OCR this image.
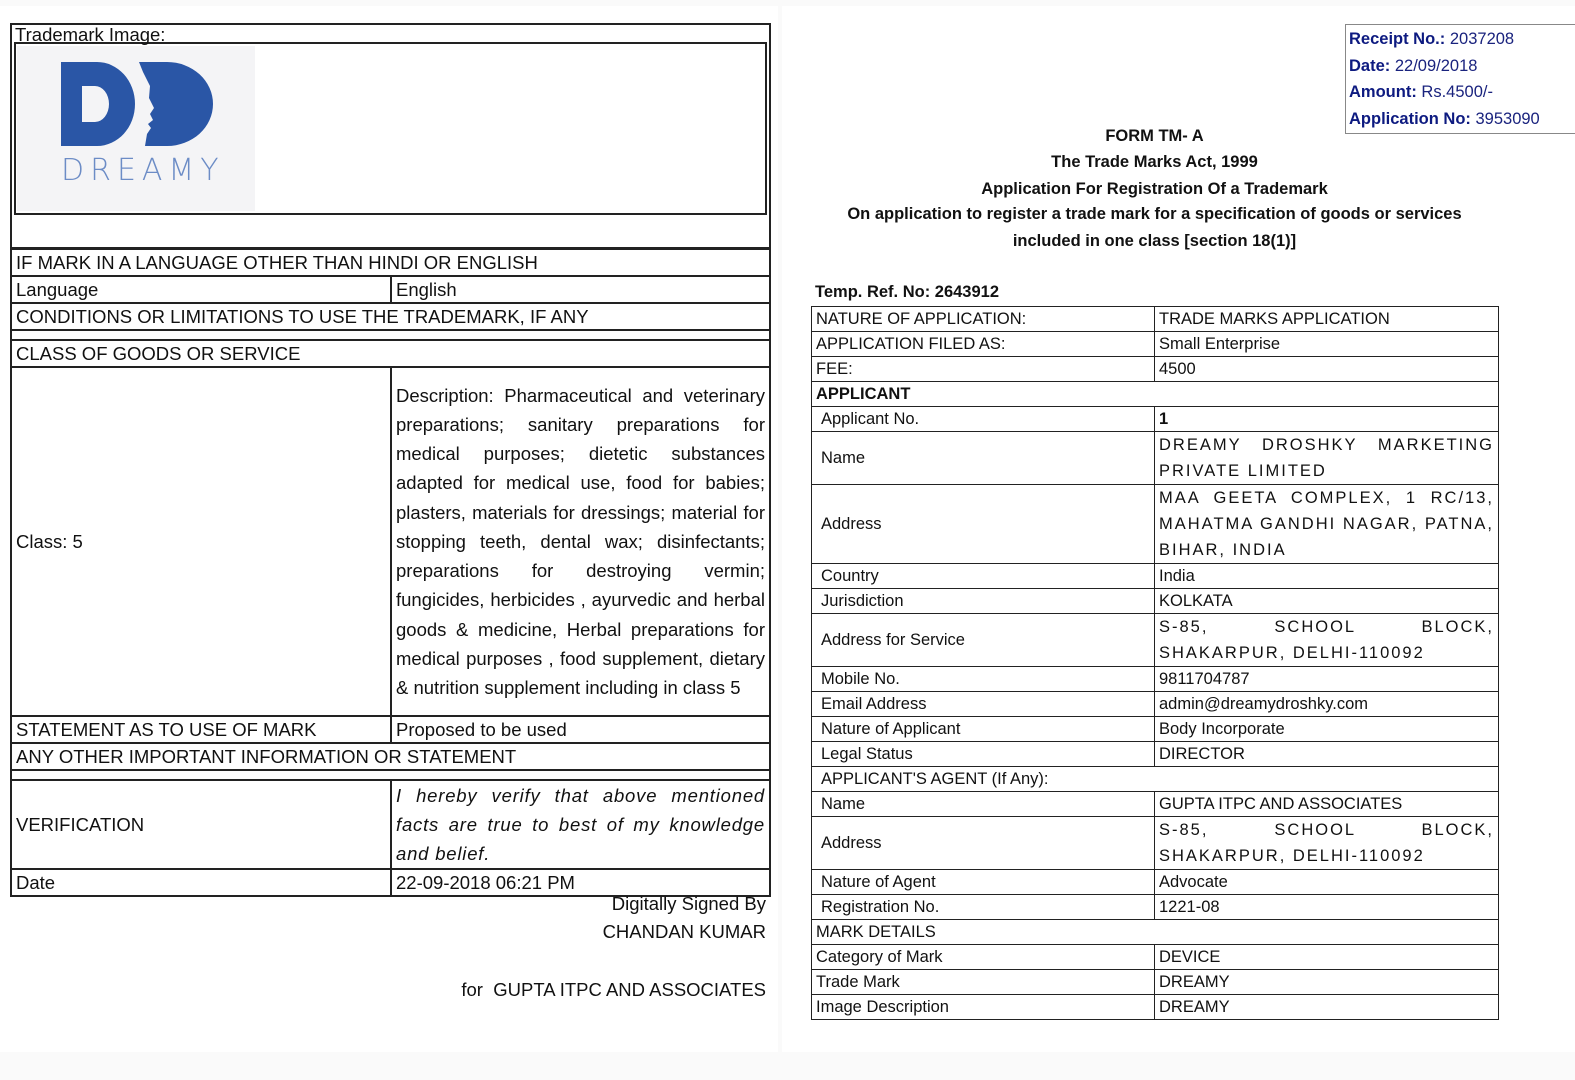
Trademark Image:
DREAMY
IF MARK IN A LANGUAGE OTHER THAN HINDI OR ENGLISH	
Language	English
CONDITIONS OR LIMITATIONS TO USE THE TRADEMARK, IF ANY	

CLASS OF GOODS OR SERVICE	
Class: 5	Description: Pharmaceutical and veterinary preparations; sanitary preparations for medical purposes; dietetic substances adapted for medical use, food for babies; plasters, materials for dressings; material for stopping teeth, dental wax; disinfectants; preparations for destroying vermin; fungicides, herbicides , ayurvedic and herbal goods & medicine, Herbal preparations for medical purposes , food supplement, dietary & nutrition supplement including in class 5
STATEMENT AS TO USE OF MARK	Proposed to be used
ANY OTHER IMPORTANT INFORMATION OR STATEMENT	

VERIFICATION	I hereby verify that above mentioned facts are true to best of my knowledge and belief.
Date	22-09-2018 06:21 PM
Digitally Signed By
CHANDAN KUMAR
for  GUPTA ITPC AND ASSOCIATES
Receipt No.: 2037208
Date: 22/09/2018
Amount: Rs.4500/-
Application No: 3953090
FORM TM- A
The Trade Marks Act, 1999
Application For Registration Of a Trademark
On application to register a trade mark for a specification of goods or services
included in one class [section 18(1)]
Temp. Ref. No: 2643912
NATURE OF APPLICATION:	TRADE MARKS APPLICATION
APPLICATION FILED AS:	Small Enterprise
FEE:	4500
APPLICANT	
Applicant No.	1
Name	DREAMY DROSHKY MARKETING PRIVATE LIMITED
Address	MAA GEETA COMPLEX, 1 RC/13, MAHATMA GANDHI NAGAR, PATNA, BIHAR, INDIA
Country	India
Jurisdiction	KOLKATA
Address for Service	S-85, SCHOOL BLOCK, SHAKARPUR, DELHI-110092
Mobile No.	9811704787
Email Address	admin@dreamydroshky.com
Nature of Applicant	Body Incorporate
Legal Status	DIRECTOR
APPLICANT'S AGENT (If Any):	
Name	GUPTA ITPC AND ASSOCIATES
Address	S-85, SCHOOL BLOCK, SHAKARPUR, DELHI-110092
Nature of Agent	Advocate
Registration No.	1221-08
MARK DETAILS	
Category of Mark	DEVICE
Trade Mark	DREAMY
Image Description	DREAMY
